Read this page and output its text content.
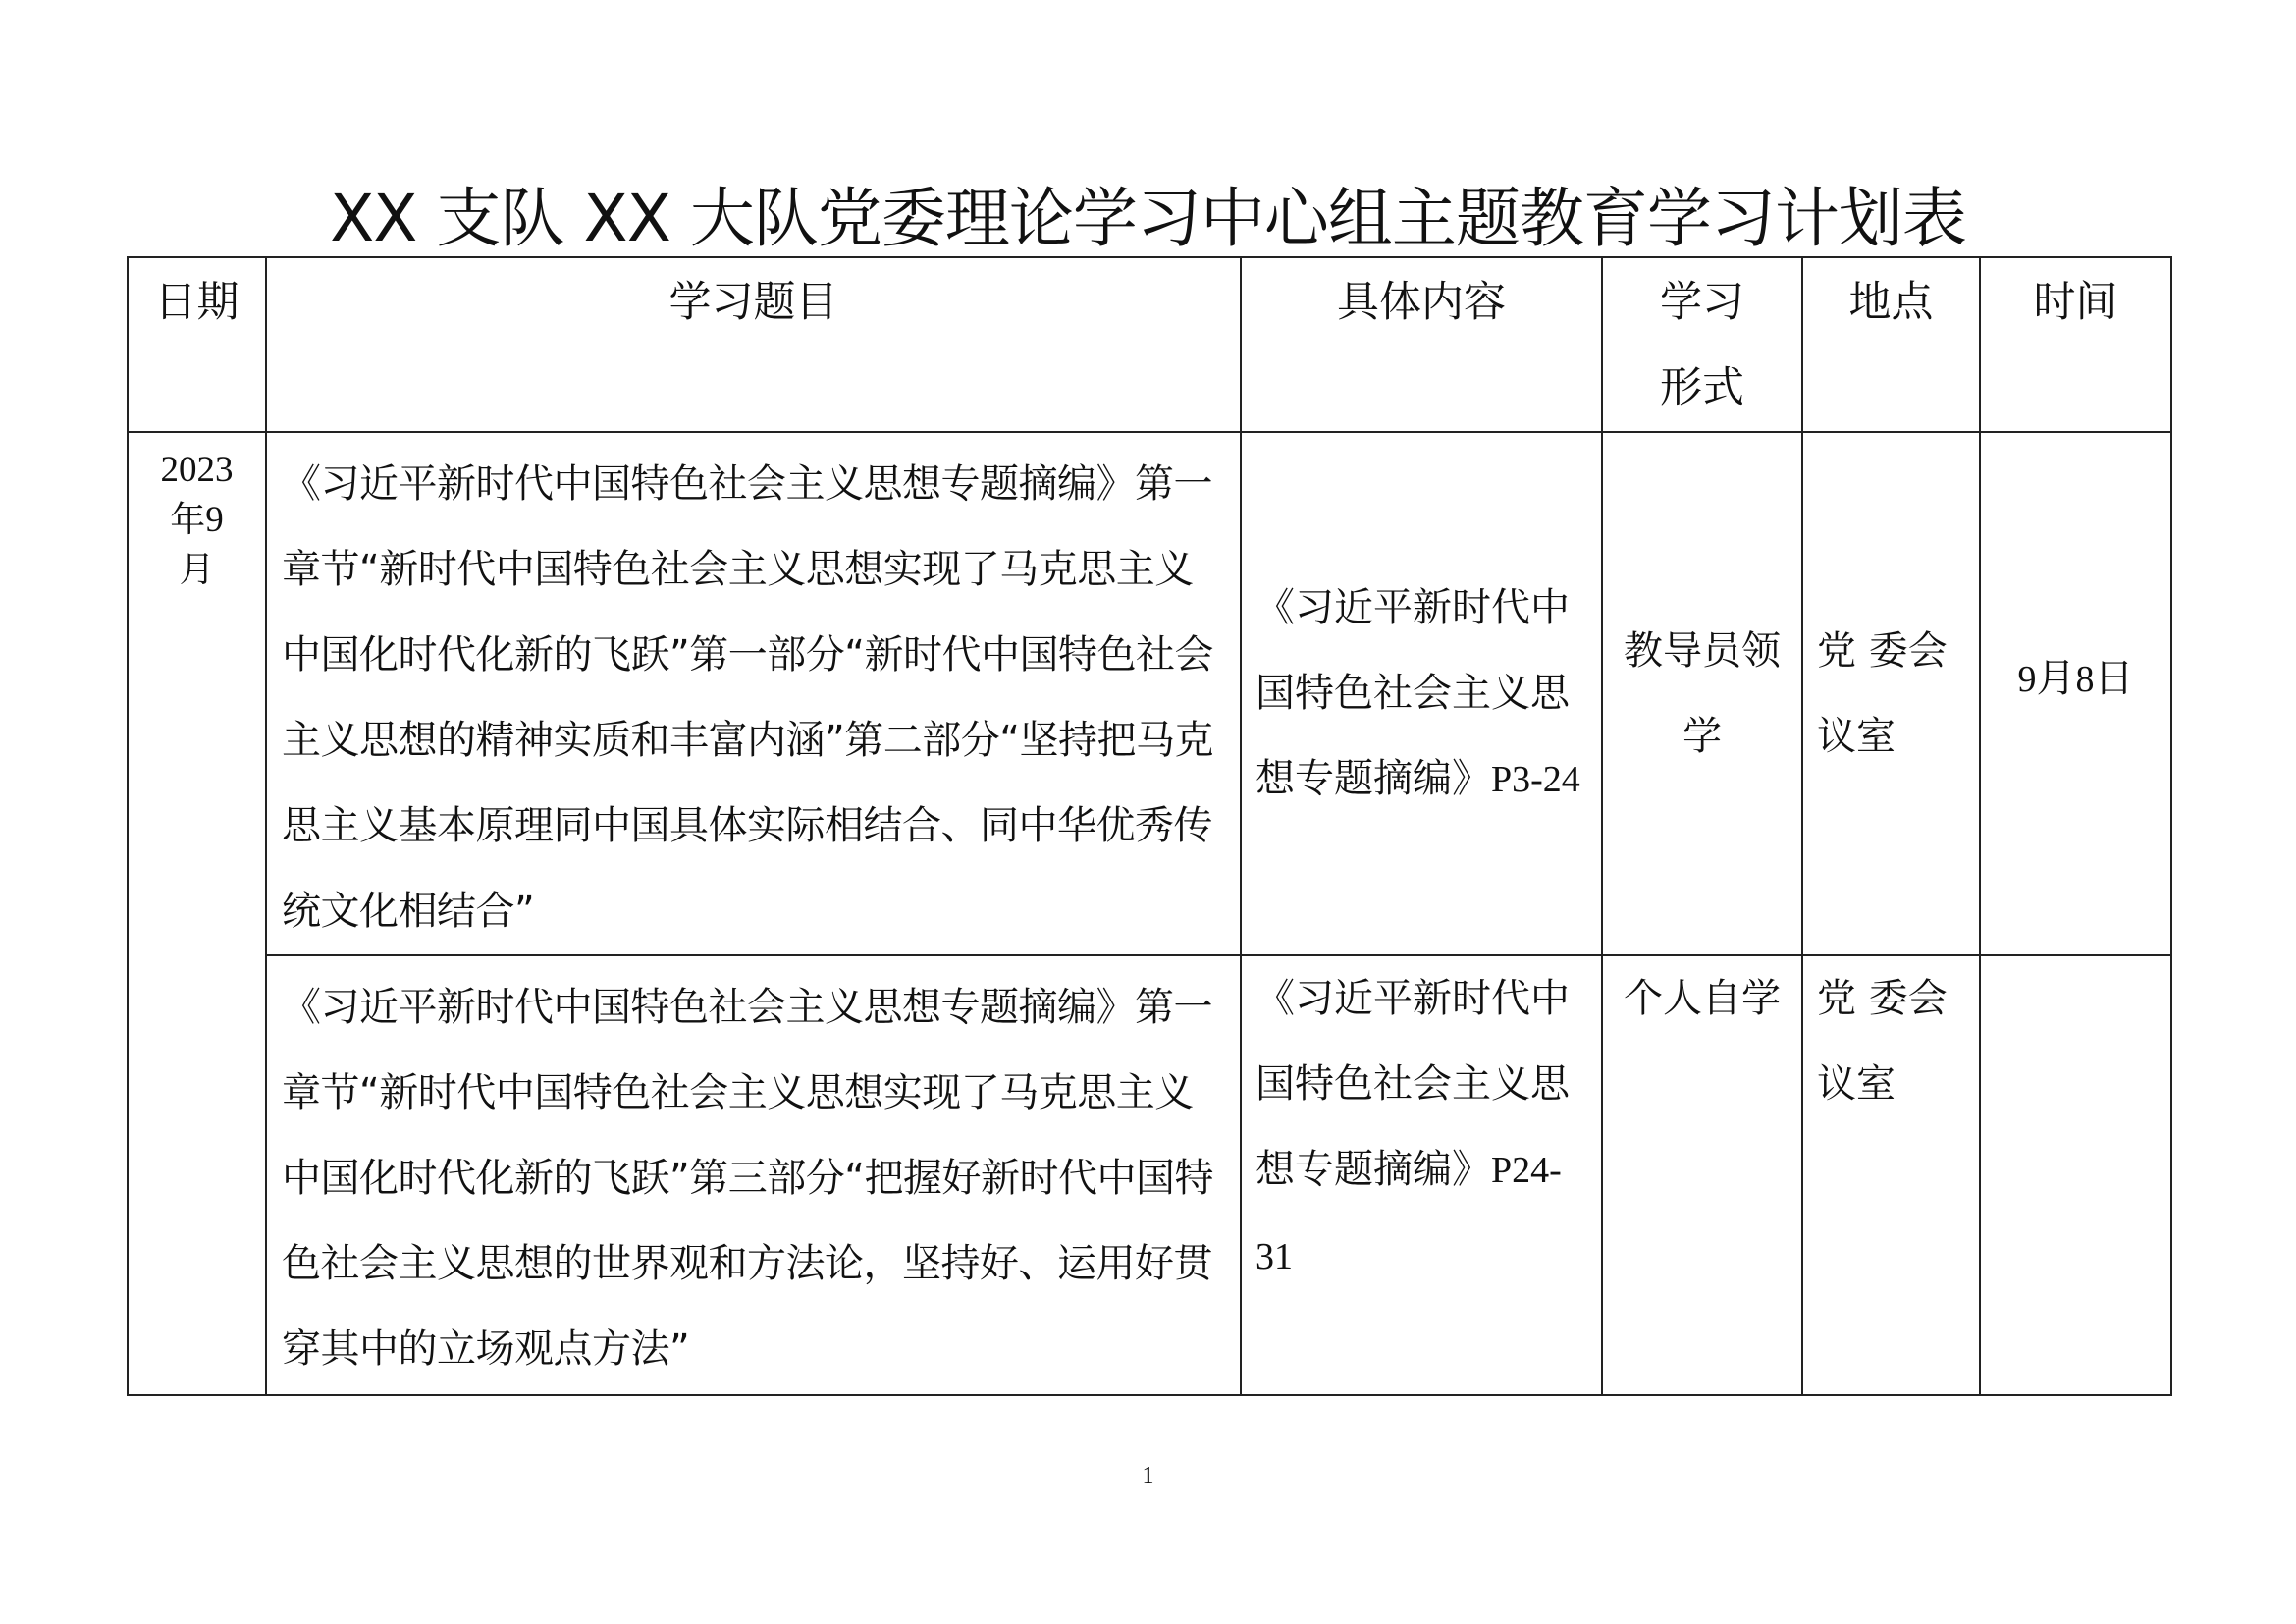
XX 支队 XX 大队党委理论学习中心组主题教育学习计划表
日期	学习题目	具体内容	学习形式	地点	时间

2023
年9
月	《习近平新时代中国特色社会主义思想专题摘编》第一章节“新时代中国特色社会主义思想实现了马克思主义中国化时代化新的飞跃”第一部分“新时代中国特色社会主义思想的精神实质和丰富内涵”第二部分“坚持把马克思主义基本原理同中国具体实际相结合、同中华优秀传统文化相结合”	《习近平新时代中国特色社会主义思想专题摘编》P3-24	教导员领学	党 委会议室	9月8日

	《习近平新时代中国特色社会主义思想专题摘编》第一章节“新时代中国特色社会主义思想实现了马克思主义中国化时代化新的飞跃”第三部分“把握好新时代中国特色社会主义思想的世界观和方法论，坚持好、运用好贯穿其中的立场观点方法”	《习近平新时代中国特色社会主义思想专题摘编》P24-31	个人自学	党 委会议室	
1
